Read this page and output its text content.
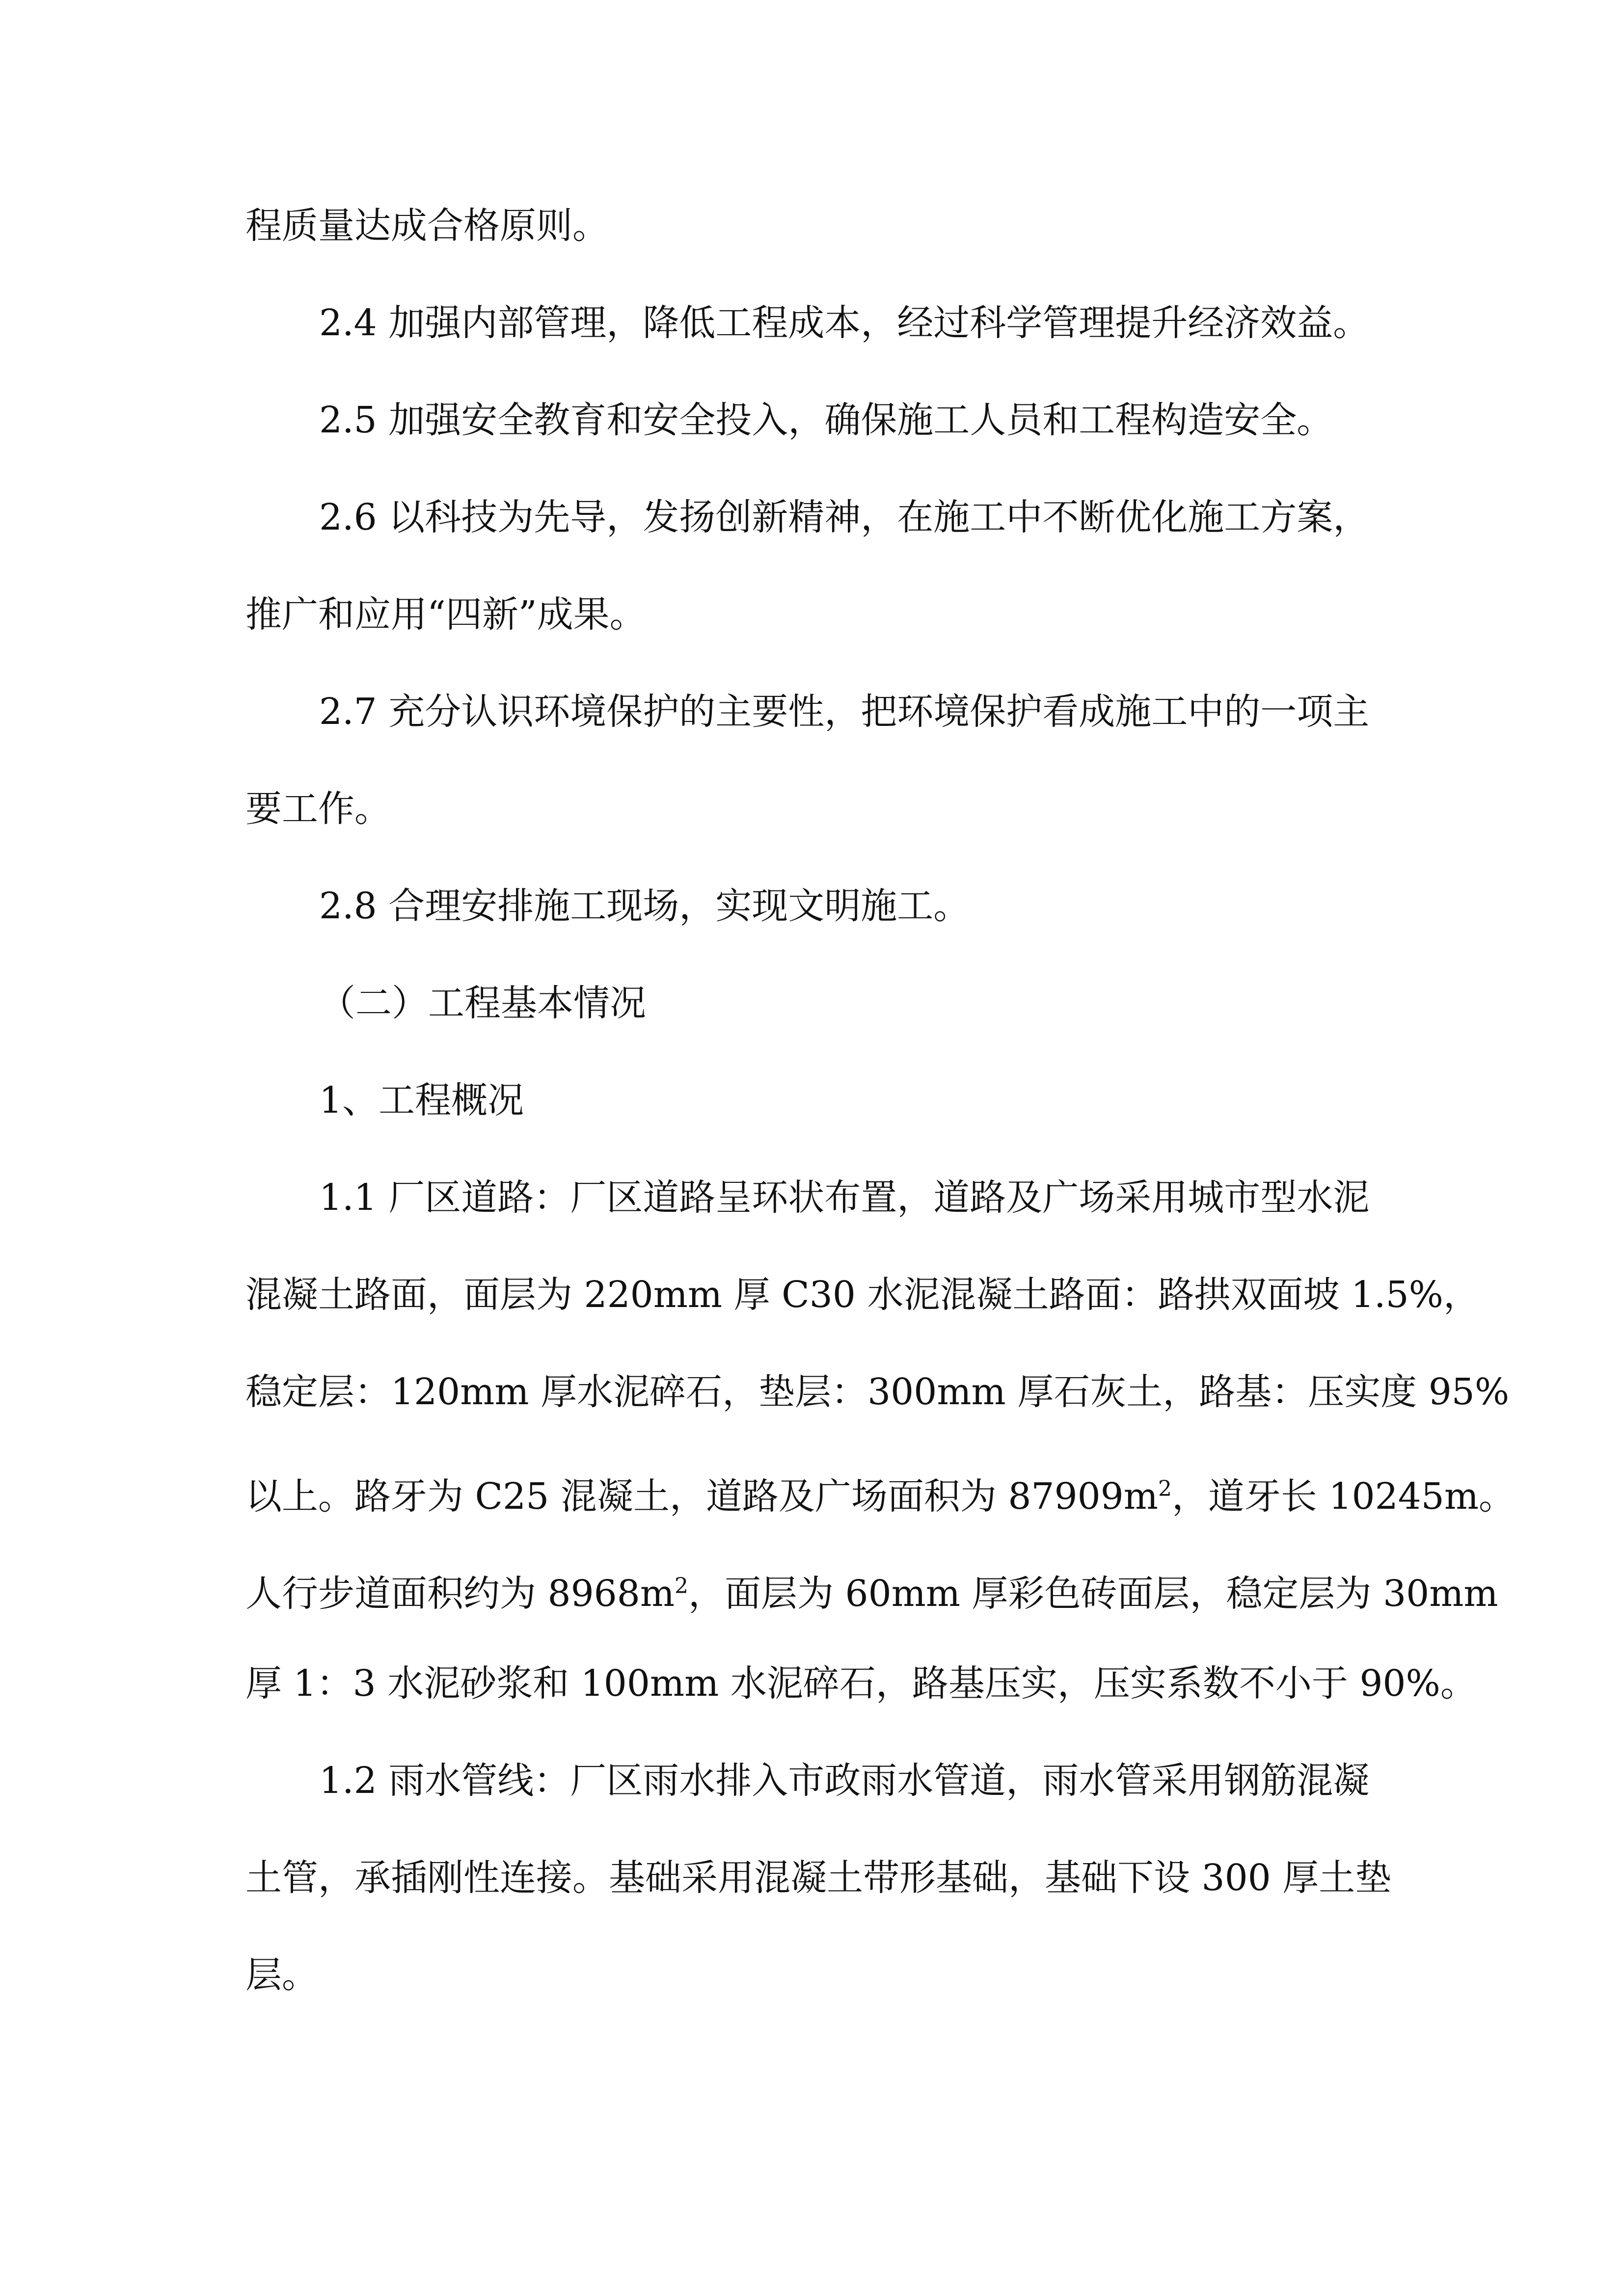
程质量达成合格原则。
2.4 加强内部管理，降低工程成本，经过科学管理提升经济效益。
2.5 加强安全教育和安全投入，确保施工人员和工程构造安全。
2.6 以科技为先导，发扬创新精神，在施工中不断优化施工方案，
推广和应用“四新”成果。
2.7 充分认识环境保护的主要性，把环境保护看成施工中的一项主
要工作。
2.8 合理安排施工现场，实现文明施工。
（二）工程基本情况
1、工程概况
1.1 厂区道路：厂区道路呈环状布置，道路及广场采用城市型水泥
混凝土路面，面层为 220mm 厚 C30 水泥混凝土路面：路拱双面坡 1.5%，
稳定层：120mm 厚水泥碎石，垫层：300mm 厚石灰土，路基：压实度 95%
以上。路牙为 C25 混凝土，道路及广场面积为 $87909m^2$，道牙长 10245m。
人行步道面积约为 $8968m^2$，面层为 60mm 厚彩色砖面层，稳定层为 30mm
厚 1：3 水泥砂浆和 100mm 水泥碎石，路基压实，压实系数不小于 90%。
1.2 雨水管线：厂区雨水排入市政雨水管道，雨水管采用钢筋混凝
土管，承插刚性连接。基础采用混凝土带形基础，基础下设 300 厚土垫
层。
